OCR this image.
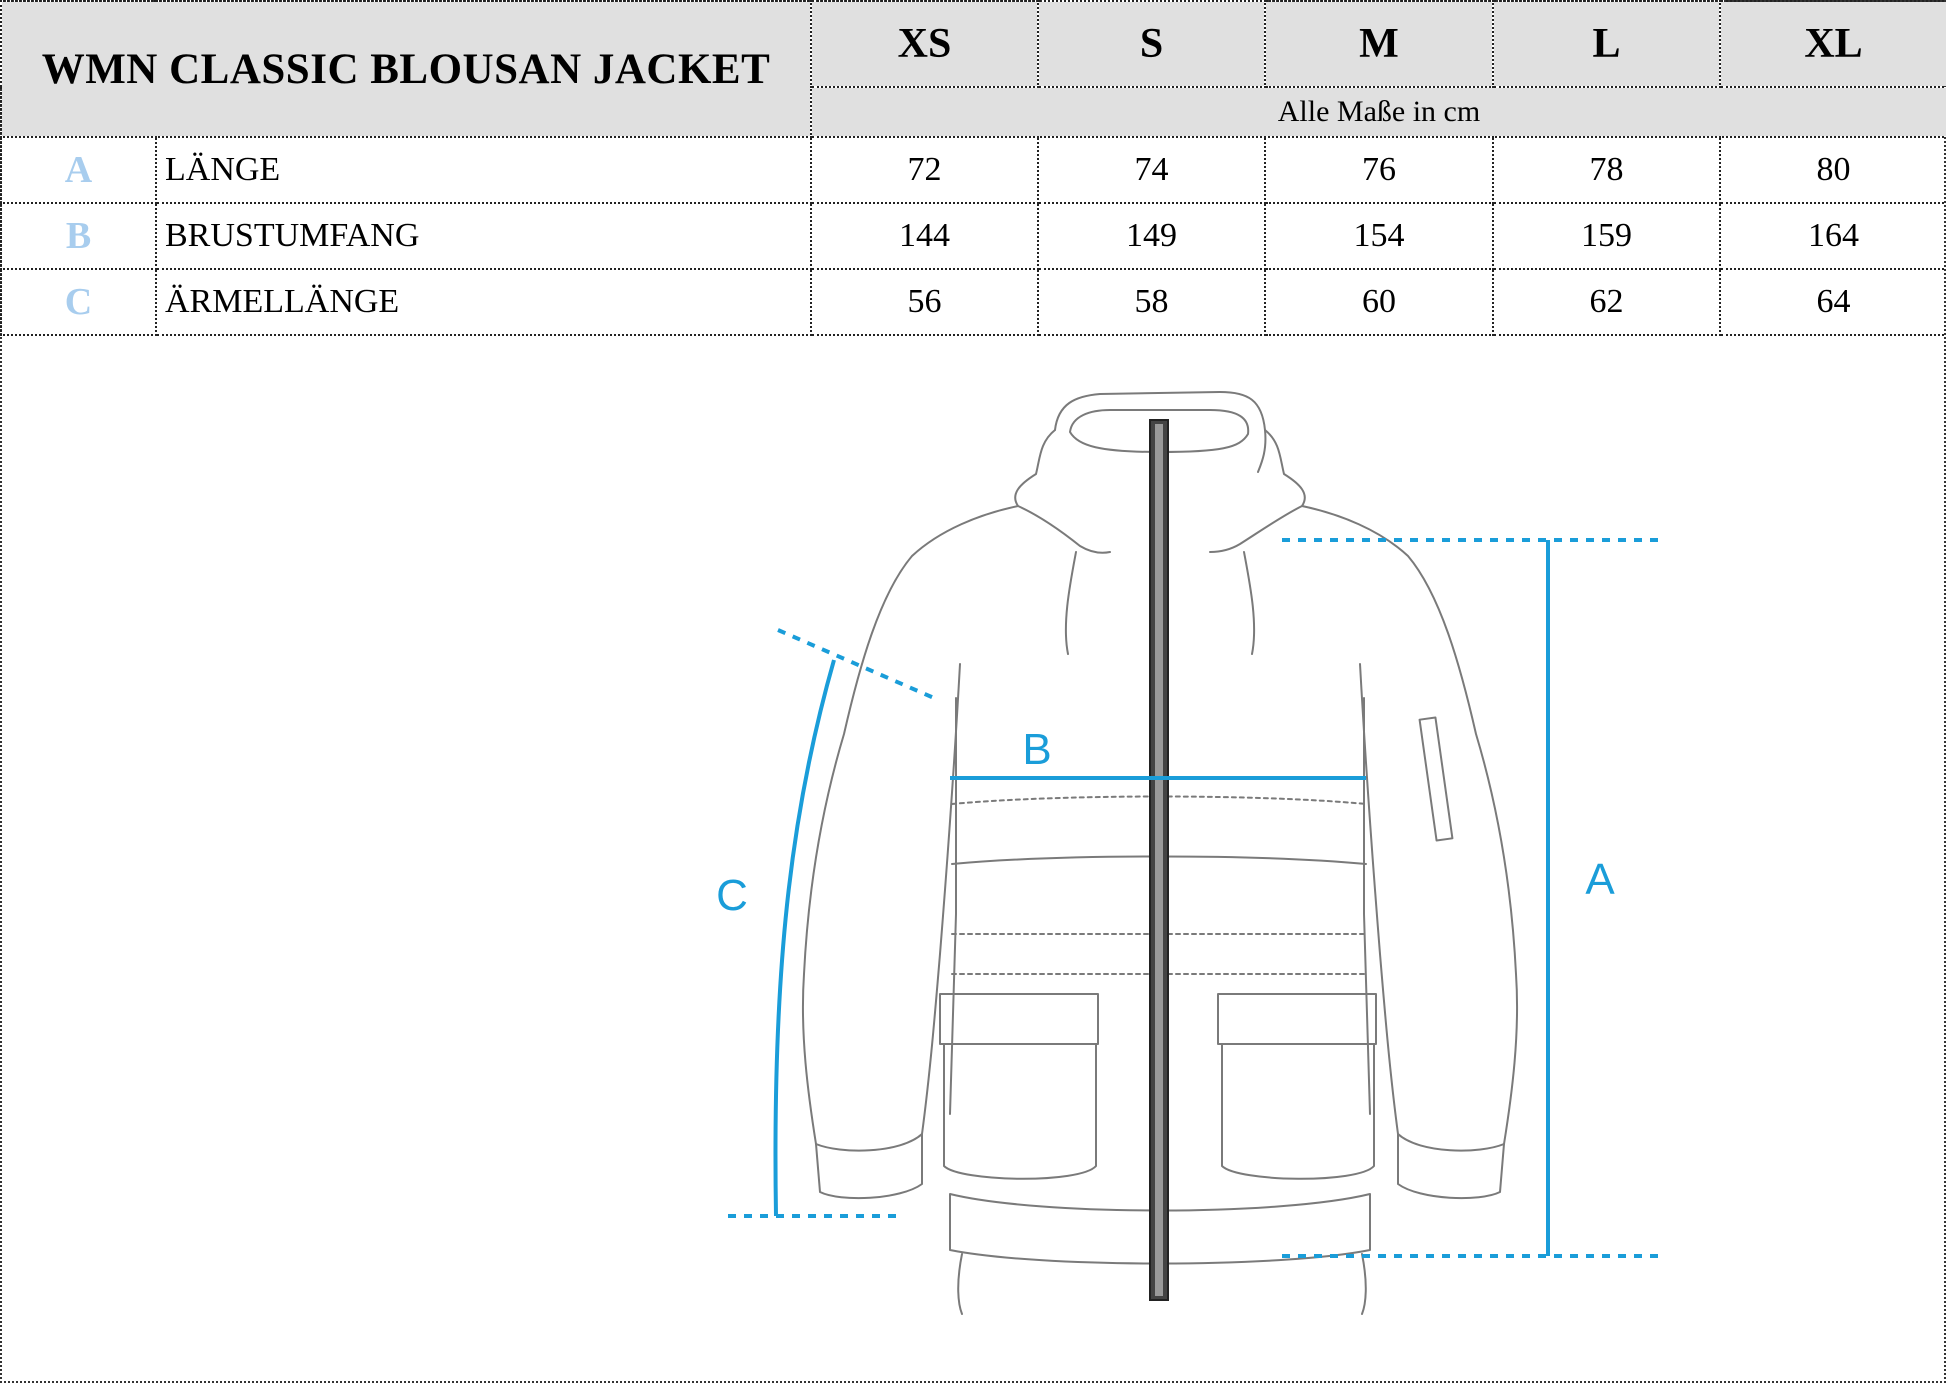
WMN CLASSIC BLOUSAN JACKET		XS	S	M	L	XL
		Alle Maße in cm				
A	LÄNGE	72	74	76	78	80
B	BRUSTUMFANG	144	149	154	159	164
C	ÄRMELLÄNGE	56	58	60	62	64
A
B
C
